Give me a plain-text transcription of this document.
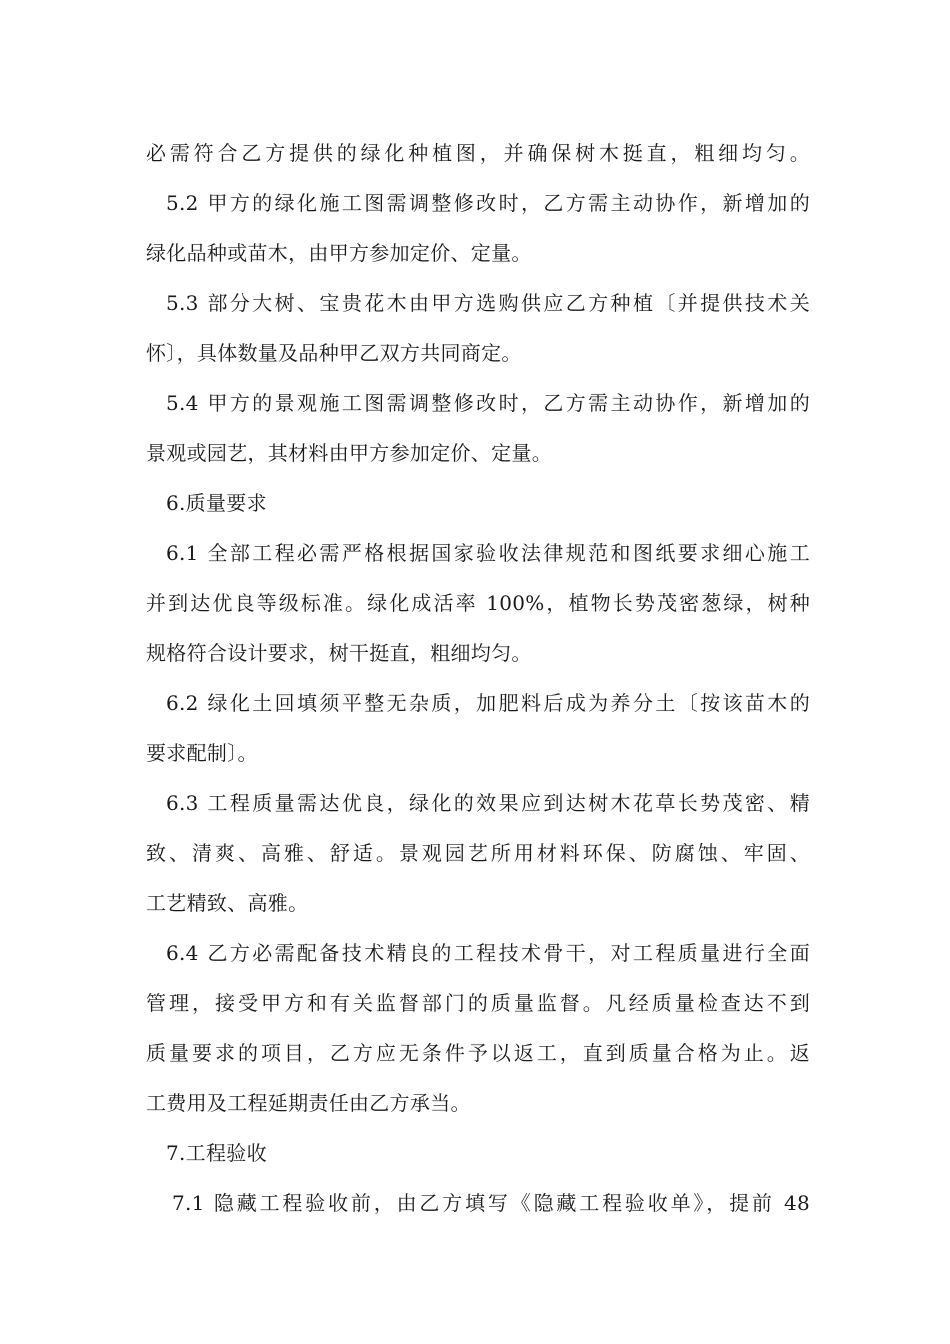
必需符合乙方提供的绿化种植图，并确保树木挺直，粗细均匀。
5.2 甲方的绿化施工图需调整修改时，乙方需主动协作，新增加的
绿化品种或苗木，由甲方参加定价、定量。
5.3 部分大树、宝贵花木由甲方选购供应乙方种植〔并提供技术关
怀〕，具体数量及品种甲乙双方共同商定。
5.4 甲方的景观施工图需调整修改时，乙方需主动协作，新增加的
景观或园艺，其材料由甲方参加定价、定量。
6.质量要求
6.1 全部工程必需严格根据国家验收法律规范和图纸要求细心施工
并到达优良等级标准。绿化成活率 100%，植物长势茂密葱绿，树种
规格符合设计要求，树干挺直，粗细均匀。
6.2 绿化土回填须平整无杂质，加肥料后成为养分土〔按该苗木的
要求配制〕。
6.3 工程质量需达优良，绿化的效果应到达树木花草长势茂密、精
致、清爽、高雅、舒适。景观园艺所用材料环保、防腐蚀、牢固、
工艺精致、高雅。
6.4 乙方必需配备技术精良的工程技术骨干，对工程质量进行全面
管理，接受甲方和有关监督部门的质量监督。凡经质量检查达不到
质量要求的项目，乙方应无条件予以返工，直到质量合格为止。返
工费用及工程延期责任由乙方承当。
7.工程验收
7.1 隐藏工程验收前，由乙方填写《隐藏工程验收单》，提前 48
